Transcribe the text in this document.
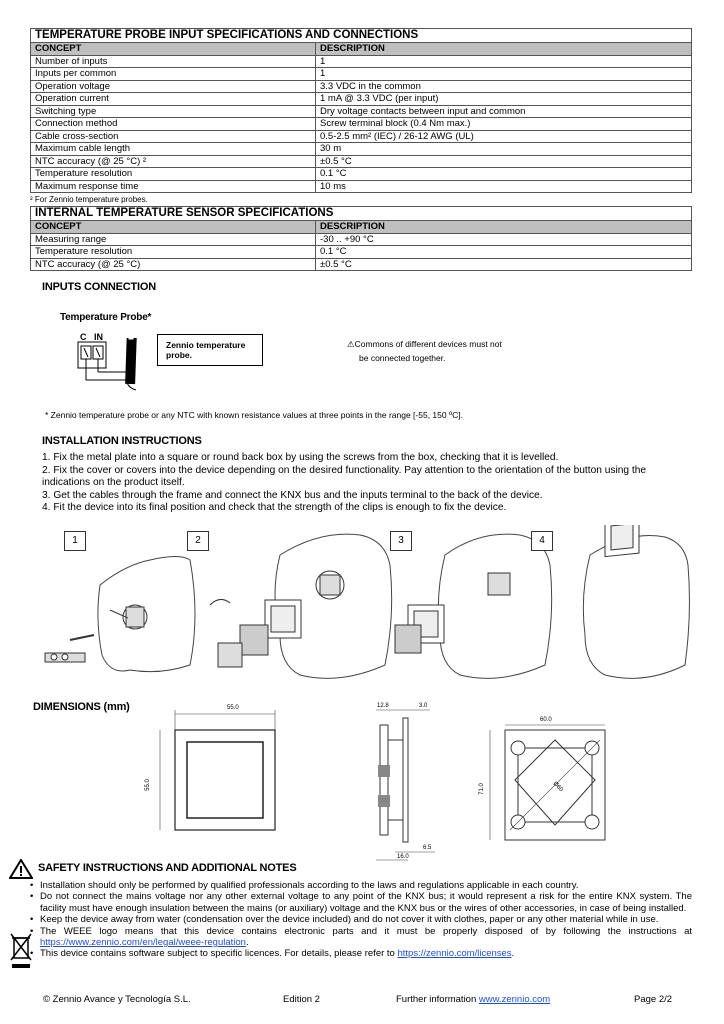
TEMPERATURE PROBE INPUT SPECIFICATIONS AND CONNECTIONS	
CONCEPT	DESCRIPTION
Number of inputs	1
Inputs per common	1
Operation voltage	3.3 VDC in the common
Operation current	1 mA @ 3.3 VDC (per input)
Switching type	Dry voltage contacts between input and common
Connection method	Screw terminal block (0.4 Nm max.)
Cable cross-section	0.5-2.5 mm² (IEC) / 26-12 AWG (UL)
Maximum cable length	30 m
NTC accuracy (@ 25 °C) ²	±0.5 °C
Temperature resolution	0.1 °C
Maximum response time	10 ms
² For Zennio temperature probes.
INTERNAL TEMPERATURE SENSOR SPECIFICATIONS	
CONCEPT	DESCRIPTION
Measuring range	-30 .. +90 °C
Temperature resolution	0.1 °C
NTC accuracy (@ 25 °C)	±0.5 °C
INPUTS CONNECTION
Temperature Probe*
C IN
Zennio temperature probe.
⚠Commons of different devices must not
be connected together.
* Zennio temperature probe or any NTC with known resistance values at three points in the range [-55, 150 ºC].
INSTALLATION INSTRUCTIONS
1. Fix the metal plate into a square or round back box by using the screws from the box, checking that it is levelled.
2. Fix the cover or covers into the device depending on the desired functionality. Pay attention to the orientation of the button using the indications on the product itself.
3. Get the cables through the frame and connect the KNX bus and the inputs terminal to the back of the device.
4. Fit the device into its final position and check that the strength of the clips is enough to fix the device.
1	2	3	4
DIMENSIONS (mm)	55.0
55.0
12.8	3.0
6.5
16.0
60.0
71.0	Ø60
SAFETY INSTRUCTIONS AND ADDITIONAL NOTES
• Installation should only be performed by qualified professionals according to the laws and regulations applicable in each country.
• Do not connect the mains voltage nor any other external voltage to any point of the KNX bus; it would represent a risk for the entire KNX system. The facility must have enough insulation between the mains (or auxiliary) voltage and the KNX bus or the wires of other accessories, in case of being installed.
• Keep the device away from water (condensation over the device included) and do not cover it with clothes, paper or any other material while in use.
• The WEEE logo means that this device contains electronic parts and it must be properly disposed of by following the instructions at https://www.zennio.com/en/legal/weee-regulation.
• This device contains software subject to specific licences. For details, please refer to https://zennio.com/licenses.
© Zennio Avance y Tecnología S.L.	Edition 2	Further information www.zennio.com	Page 2/2
